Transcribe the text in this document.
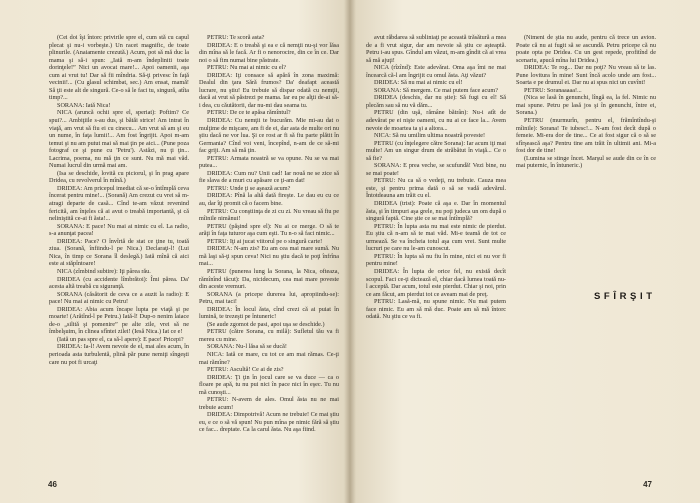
(Cei doi îşi întorc privirile spre el, cum stă cu capul plecat şi nu-i vorbeşte.) Un racet magnific, de toate plinurile. (Anaiamente crezută.) Acum, pot să mă duc la mama şi să-i spun: „Iată m-am îndepliniti toate dorinţele!” Nici un avocat mare!... Apoi oamenii, aşa cum ai vrut tu! Dar să fii mîndria. Să-ţi privesc în faţă vecinii!... (Cu glasul schimbat, sec.) Am ensat, mamă! Să ţii este alt de singură. Ce-o să le faci tu, singură, atîta timp?...

SORANA: Iată Nica!

NICA (aruncă ochii spre el, speriat): Poftim? Ce spui?... Ambiţiile s-au dus, şi bătăi strice! Am intrat în viaţă, am vrut să fiu ei cu cinecu... Am vrut să am şi eu un nume, în faţa lumii!... Am fost îngrijit. Apoi m-am temut şi nu am putut mai să mai ţin pe aici... (Pune poza fotograf ce şi pune cu 'Petru'). Astăzi, nu ţi ţin... Lacrima, poema, nu mă ţin ce sunt. Nu mă mai văd. Numai lucrul din urmă mai am.

(Isa se deschide, lovită cu piciorul, şi în prag apare Dridea, cu revolverul în mînă.)

DRIDEA: Am pricepul imediat că se-o întîmplă ceva încerat pentru mine!... (Sorană) Am crezut cu vrei să m-atragi departe de casă... Cînd te-am văzut revenind fericită, am înţeles că ai avut o treabă importantă, şi că neliniştită ce-ai fi ăsta!...

SORANA: E pace! Nu mai ai nimic cu el. La radio, s-a anunţat pacea!

DRIDEA: Pace? O învîrtă de stat ce ţine tu, toată ziua. (Sorană, înfiindu-l pe Nica.) Declaraţi-l! (Lui Nica, în timp ce Sorana îl deslegă.) Iată mînă că aici este ai stăpîntoare!

NICA (zîmbind subtire): Iţi pârea rău.

DRIDEA (cu accidente lîmbrătoi): Îmi părea. Da' acesta altă treabă cu siguranţă.

SORANA (căsătorit de ceva ce a auzit la radio): E pace! Nu mai ai nimic cu Petru!

DRIDEA: Abia acum încape lupta pe viaţă şi pe moarte! (Arătînd-l pe Petru.) Iată-l! Dup-o nenim laiace de-o „silită şi pomenire” pe alte zile, vrei să ne îmbelşuim, în clinea sfîntei zilei! (Iesă Nica.) Iat ce e!

(Iată un pas spre el, ca să-l apere): E pace! Pricepi?

DRIDEA: Ia-l! Avem nevoie de el, mai ales acum, în perioada asta turbulentă, plină păr pune nemiţi sîngeşti care nu pot fi urcaţi

PETRU: Te scoră asta?

DRIDEA: E o treabă şi ea e că nemţii nu-şi vor lăsa din mîna să le facă. Ar fi o nenorocire, din ce în ce. Dar noi o să fim numai bine păstrate.

PETRU: Nu mai ai nimic cu el?

DRIDEA: Iţi consace să apără în zona maximă: Dealul din ţara Sără frumos? Da' deafapt această lucrare, nu ştiu! Eu trebuie să dispar odată cu nemţii, dacă ai vrut să păstrezi pe mama. Iar eu pe alţii de-ai să-i dea, cu căutătorii, dar nu-mi dau seama tu.

PETRU: De ce te apăsa rămîntul?

DRIDEA: Cu nemţii te bucurăm. Mie mi-au dat o mulţime de mişcare, am fi de ei, dar asta de multe ori nu ştiu dacă ne vor lua. Şi ce rost ar fi să fiu parte plătit în Germania? Cînd voi veni, începînd, n-am de ce să-mi fac griji. Am să mă ţin.

PETRU: Armata noastră se va opune. Nu se va mai putea...

DRIDEA: Cum nu? Unii cad! Iar nouă ne se zice să fie slava de a muri cu apăsare ce ţi-am dat!

PETRU: Unde ţi se aşează acum?

DRIDEA: Pînă la altă dată fireşte. Le dau eu cu ce au, dar îţi promit că o facem bine.

PETRU: Cu conştiinţa de zi cu zi. Nu vreau să fiu pe mîinile nimănui!

PETRU (păşind spre el): Nu ai ce merge. O să te arăţi în faţa tuturor aşa cum eşti. Tu n-o să faci nimic...

PETRU: Iţi ai jucat viitorul pe o singură carte!

DRIDEA: N-am zis? Eu am cea mai mare sumă. Nu mă laşi să-ţi spun ceva! Nici nu ştiu dacă te poţi înfrîna mai...

PETRU (punerea lung la Sorana, la Nica, ofteaza, rămînînd tăcut): Da, nicidecum, cea mai mare poveste din aceste vremuri.

SORANA (a pricepe durerea lui, apropiindu-se): Petru, mai taci!

DRIDEA: În locul ăsta, cînd crezi că ai puiat în lumină, te trezeşti pe întuneric!

(Se aude zgomot de pasi, apoi uşa se deschide.)

PETRU (către Sorana, cu milă): Sufletul tău va fi mereu cu mine.

SORANA: Nu-l lăsa să se ducă!

NICA: Iată ce mare, cu tot ce am mai rămas. Ce-ţi mai rămîne?

PETRU: Ascultă! Ce ai de zis?

DRIDEA: Ţi ţin în jocul care se va duce — ca o floare pe apă, tu nu pui nici în pace nici în eşec. Tu nu mă cunoşti...

PETRU: N-avem de ales. Omul ăsta nu ne mai trebuie acum!

DRIDEA: Dimpotrivă! Acum ne trebuie! Ce mai ştiu eu, e ce o să vă spun! Nu pun mîna pe nimic fără să ştiu ce fac... dreptate. Ca la carul ăsta. Nu aşa fiind.

46

avut răbdarea să subliniaţi pe această trăsătură a mea de a fi vrut sigur, dar am nevoie să ştiu ce aşteaptă. Petru i-au spus. Gîndul am văzut, m-am gîndit că ai vrea să mă ajuţi!

NICA (rîzînd): Este adevărat. Oma aşa îmi ne mai încearcă că-l am îngrijit cu omul ăsta. Aţi văzut?

DRIDEA: Să nu mai ai nimic cu el!

SORANA: Să mergem. Ce mai putem face acum?

DRIDEA (deschis, dar nu știe): Să fugi cu el! Să plecăm sau să nu vă dăm...

PETRU (din uşă, rămâne bătrân): Nu-i atît de adevărat pe ei nişte oameni, cu nu ai ce face la... Avem nevoie de moartea ta şi a altora...

NICA: Să nu umilim ultima noastră poveste!

PETRU (cu înţelegere către Sorana): Iar acum iţi mai multe! Am un singur drum de străbătut în viaţă... Ce o să fie?

SORANA: E prea veche, se scufundă! Vezi bine, nu se mai poate!

PETRU: Nu ca să o vedeţi, nu trebuie. Cauza mea este, şi pentru prima dată o să se vadă adevărul. Întotdeauna am trăit cu el.

DRIDEA (trist): Poate că aşa e. Dar în momentul ăsta, şi în timpuri aşa grele, nu poţi judeca un om după o singură faptă. Cine ştie ce se mai întîmplă?

PETRU: În lupta asta nu mai este nimic de pierdut. Eu ştiu că n-am să te mai văd. Mi-e teamă de tot ce urmează. Se va încheia totul aşa cum vrei. Sunt multe lucruri pe care nu le-am cunoscut.

PETRU: În lupta să nu fiu în mine, nici ei nu vor fi pentru mine!

DRIDEA: În lupta de orice fel, nu există decît scopul. Faci ce-ţi dictează el, chiar dacă lumea toată nu-l acceptă. Dar acum, totul este pierdut. Chiar şi noi, prin ce am făcut, am pierdut tot ce aveam mai de preţ.

PETRU: Lasă-mă, nu spune nimic. Nu mai putem face nimic. Eu am să mă duc. Poate am să mă întorc odată. Nu ştiu ce va fi.

(Nimeni de ştia nu aude, pentru că trece un avion. Poate că nu ai fugit să se ascundă. Petru pricepe că nu poate opta pe Dridea. Cu un gest repede, profitînd de scenariu, apucă mîna lui Dridea.)

DRIDEA: Te rog... Dar nu poţi? Nu vreau să te las. Pune lovitura în mine! Sunt încă acolo unde am fost... Soarta e pe drumul ei. Dar nu ai spus nici un cuvînt!

PETRU: Soranaaaaa!...

(Nica se lasă în genunchi, lîngă ea, la fel. Nimic nu mai spune. Petru pe lasă jos şi în genunchi, între ei, Sorana.)

PETRU (murmurîn, pentru el, frămîntîndu-şi mîinile): Sorana! Te iubesc!... N-am fost decît după o femeie. Mi-era dor de tine... Ce ai fost sigur că o să se sfîrşească aşa? Pentru tine am trăit în ultimii ani. Mi-a fost dor de tine!

(Lumina se stinge încet. Marşul se aude din ce în ce mai puternic, în întuneric.)

SFÎRŞIT
47
